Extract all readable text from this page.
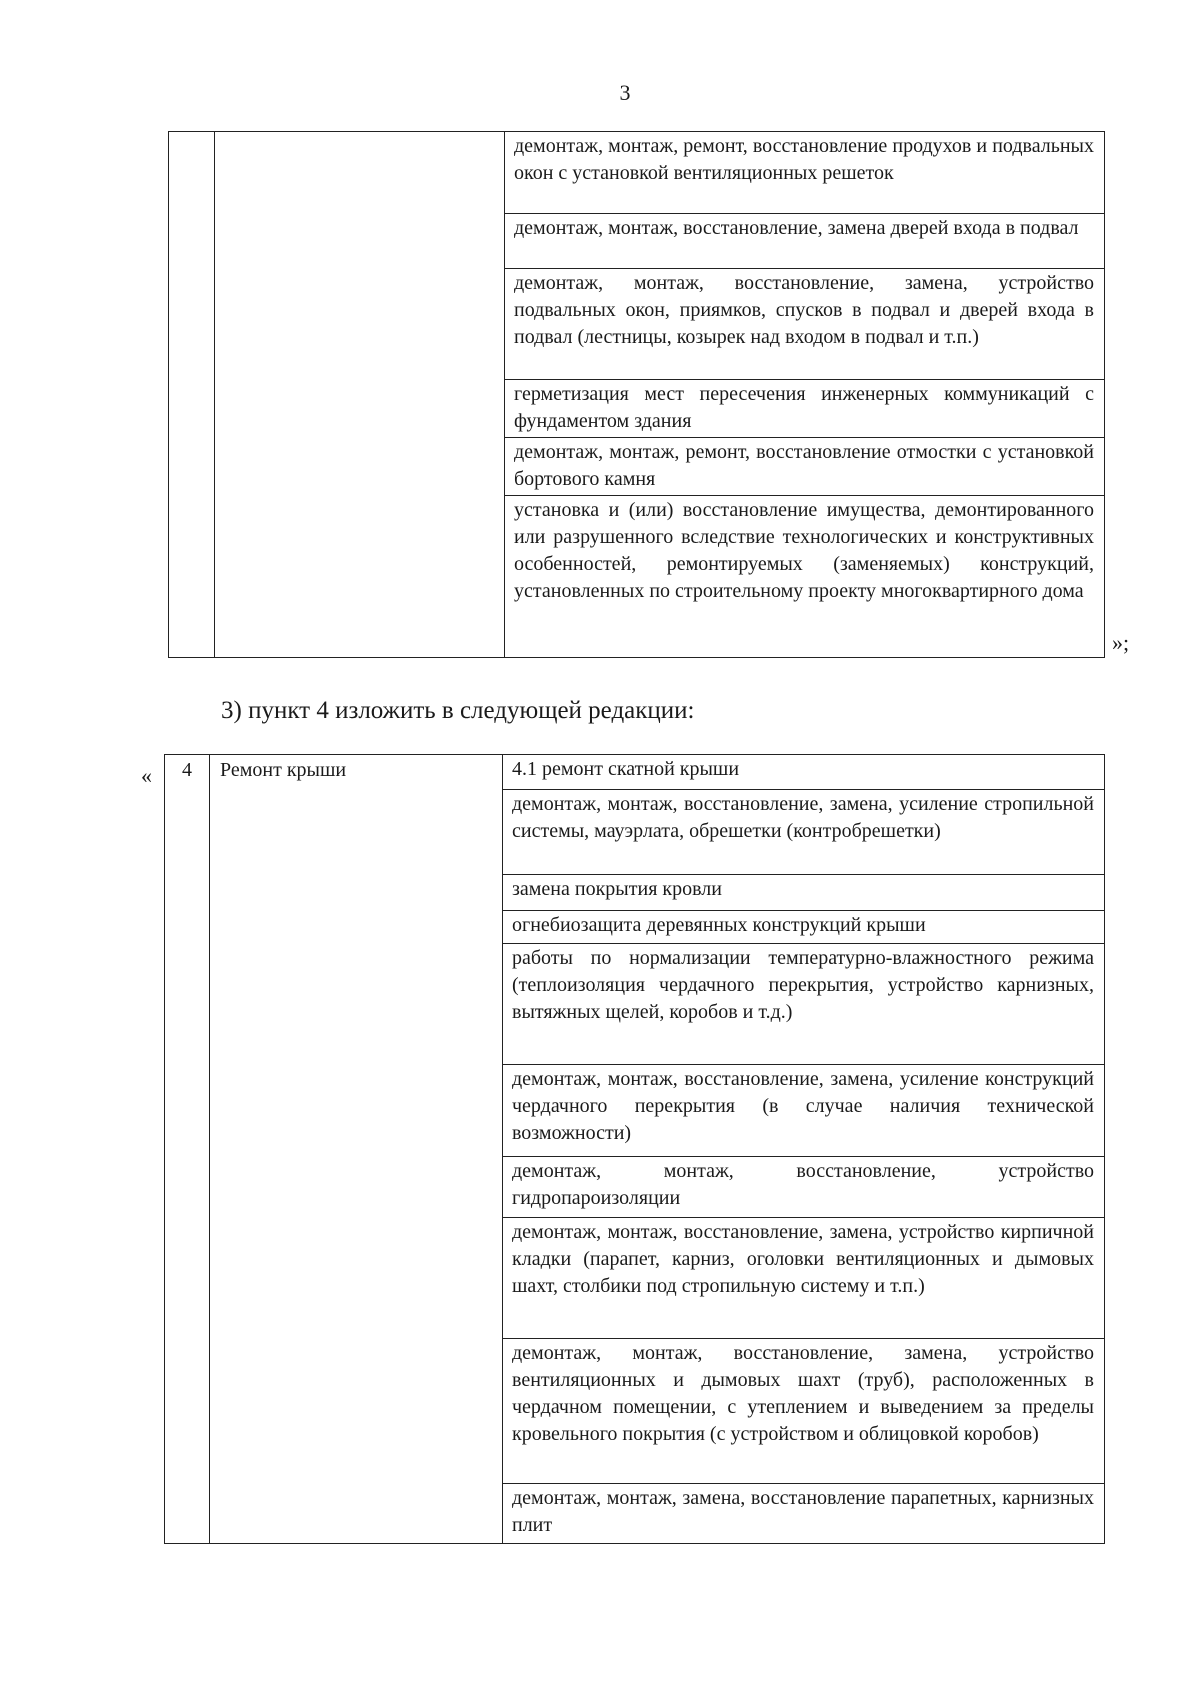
3
		демонтаж, монтаж, ремонт, восстановление продухов и подвальных окон с установкой вентиляционных решеток
демонтаж, монтаж, восстановление, замена дверей входа в подвал
демонтаж, монтаж, восстановление, замена, устройство подвальных окон, приямков, спусков в подвал и дверей входа в подвал (лестницы, козырек над входом в подвал и т.п.)
герметизация мест пересечения инженерных коммуникаций с фундаментом здания
демонтаж, монтаж, ремонт, восстановление отмостки с установкой бортового камня
установка и (или) восстановление имущества, демонтированного или разрушенного вследствие технологических и конструктивных особенностей, ремонтируемых (заменяемых) конструкций, установленных по строительному проекту многоквартирного дома
»;
3) пункт 4 изложить в следующей редакции:
« 4	Ремонт крыши	4.1 ремонт скатной крыши
демонтаж, монтаж, восстановление, замена, усиление стропильной системы, мауэрлата, обрешетки (контробрешетки)
замена покрытия кровли
огнебиозащита деревянных конструкций крыши
работы по нормализации температурно-влажностного режима (теплоизоляция чердачного перекрытия, устройство карнизных, вытяжных щелей, коробов и т.д.)
демонтаж, монтаж, восстановление, замена, усиление конструкций чердачного перекрытия (в случае наличия технической возможности)
демонтаж, монтаж, восстановление, устройство гидропароизоляции
демонтаж, монтаж, восстановление, замена, устройство кирпичной кладки (парапет, карниз, оголовки вентиляционных и дымовых шахт, столбики под стропильную систему и т.п.)
демонтаж, монтаж, восстановление, замена, устройство вентиляционных и дымовых шахт (труб), расположенных в чердачном помещении, с утеплением и выведением за пределы кровельного покрытия (с устройством и облицовкой коробов)
демонтаж, монтаж, замена, восстановление парапетных, карнизных плит
